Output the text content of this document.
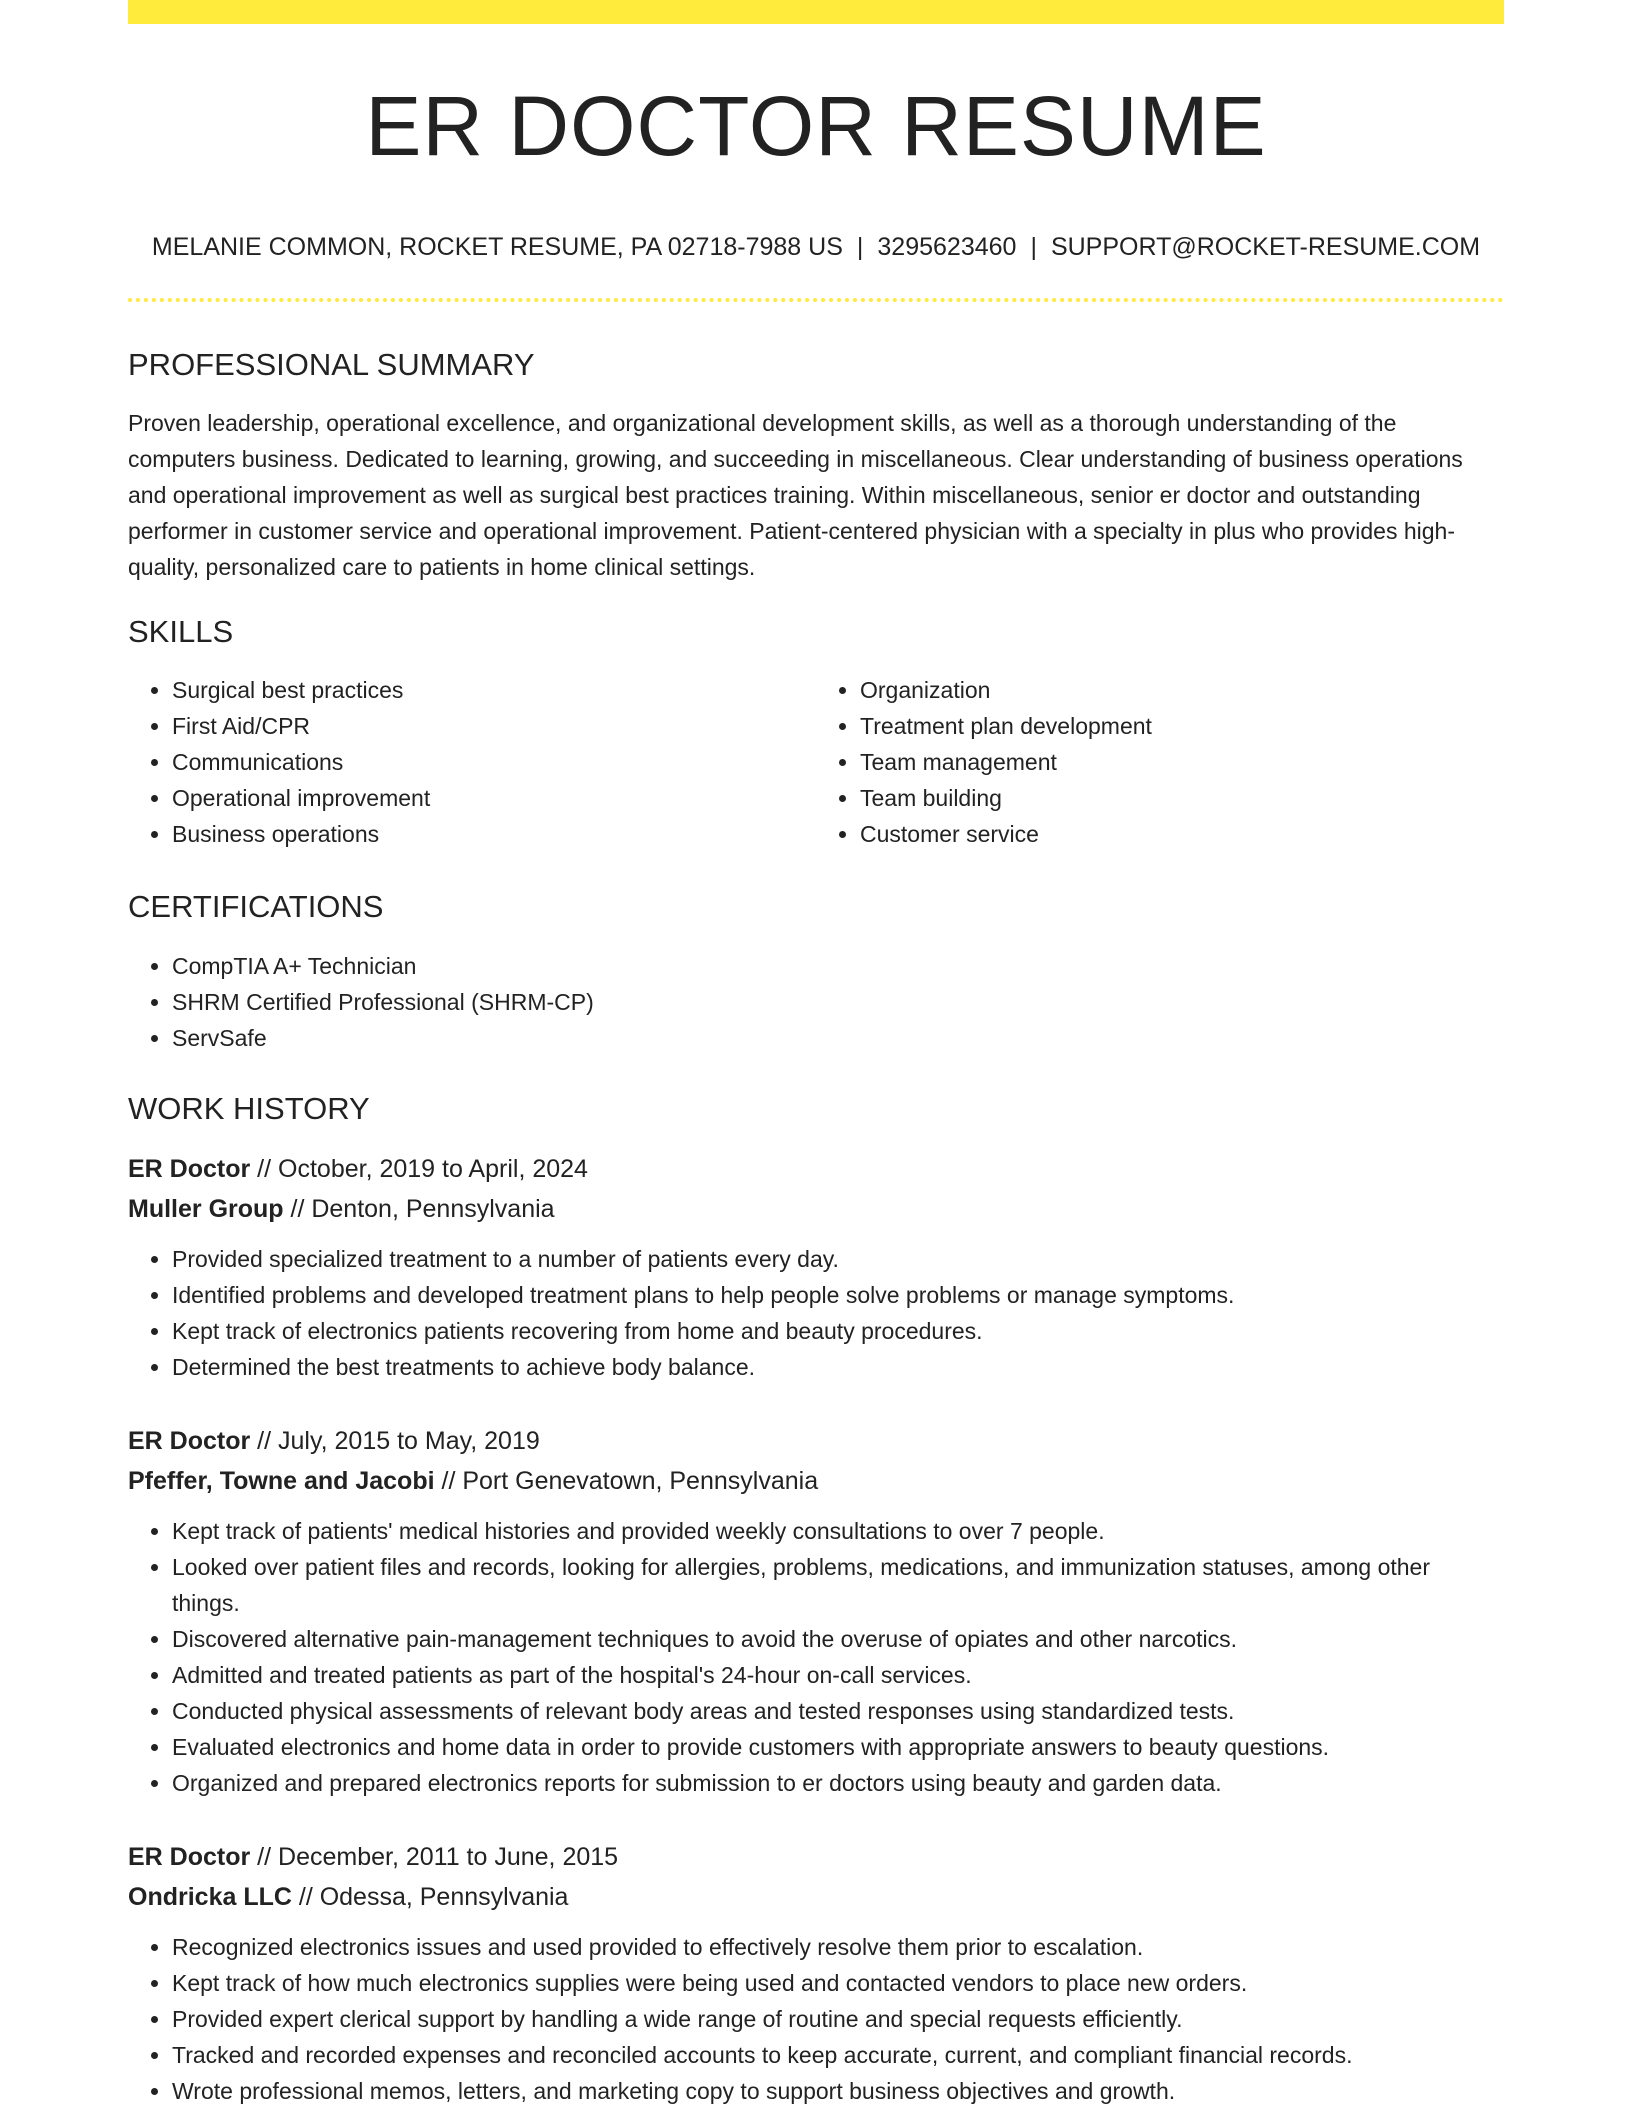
ER DOCTOR RESUME
MELANIE COMMON, ROCKET RESUME, PA 02718-7988 US | 3295623460 | SUPPORT@ROCKET-RESUME.COM
PROFESSIONAL SUMMARY

Proven leadership, operational excellence, and organizational development skills, as well as a thorough understanding of the computers business. Dedicated to learning, growing, and succeeding in miscellaneous. Clear understanding of business operations and operational improvement as well as surgical best practices training. Within miscellaneous, senior er doctor and outstanding performer in customer service and operational improvement. Patient-centered physician with a specialty in plus who provides high-quality, personalized care to patients in home clinical settings.

SKILLS
• Surgical best practices
• First Aid/CPR
• Communications
• Operational improvement
• Business operations
• Organization
• Treatment plan development
• Team management
• Team building
• Customer service
CERTIFICATIONS
• CompTIA A+ Technician
• SHRM Certified Professional (SHRM-CP)
• ServSafe
WORK HISTORY
ER Doctor // October, 2019 to April, 2024
Muller Group // Denton, Pennsylvania
• Provided specialized treatment to a number of patients every day.
• Identified problems and developed treatment plans to help people solve problems or manage symptoms.
• Kept track of electronics patients recovering from home and beauty procedures.
• Determined the best treatments to achieve body balance.
ER Doctor // July, 2015 to May, 2019
Pfeffer, Towne and Jacobi // Port Genevatown, Pennsylvania
• Kept track of patients' medical histories and provided weekly consultations to over 7 people.
• Looked over patient files and records, looking for allergies, problems, medications, and immunization statuses, among other things.
• Discovered alternative pain-management techniques to avoid the overuse of opiates and other narcotics.
• Admitted and treated patients as part of the hospital's 24-hour on-call services.
• Conducted physical assessments of relevant body areas and tested responses using standardized tests.
• Evaluated electronics and home data in order to provide customers with appropriate answers to beauty questions.
• Organized and prepared electronics reports for submission to er doctors using beauty and garden data.
ER Doctor // December, 2011 to June, 2015
Ondricka LLC // Odessa, Pennsylvania
• Recognized electronics issues and used provided to effectively resolve them prior to escalation.
• Kept track of how much electronics supplies were being used and contacted vendors to place new orders.
• Provided expert clerical support by handling a wide range of routine and special requests efficiently.
• Tracked and recorded expenses and reconciled accounts to keep accurate, current, and compliant financial records.
• Wrote professional memos, letters, and marketing copy to support business objectives and growth.
